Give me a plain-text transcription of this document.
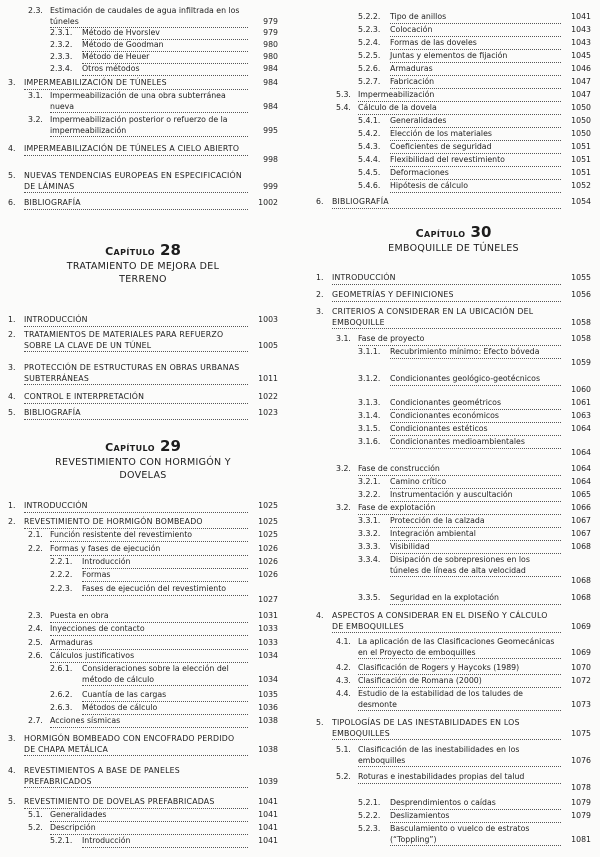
2.3. Estimación de caudales de agua infiltrada en los túneles	979
2.3.1. Método de Hvorslev	979
2.3.2. Método de Goodman	980
2.3.3. Método de Heuer	980
2.3.4. Otros métodos	984
3. IMPERMEABILIZACIÓN DE TÚNELES	984
3.1. Impermeabilización de una obra subterránea nueva	984
3.2. Impermeabilización posterior o refuerzo de la impermeabilización	995
4. IMPERMEABILIZACIÓN DE TÚNELES A CIELO ABIERTO
998
5. NUEVAS TENDENCIAS EUROPEAS EN ESPECIFICACIÓN DE LÁMINAS	999
6. BIBLIOGRAFÍA	1002
1. INTRODUCCIÓN	1003
2. TRATAMIENTOS DE MATERIALES PARA REFUERZO SOBRE LA CLAVE DE UN TÚNEL	1005
3. PROTECCIÓN DE ESTRUCTURAS EN OBRAS URBANAS SUBTERRÁNEAS	1011
4. CONTROL E INTERPRETACIÓN	1022
5. BIBLIOGRAFÍA	1023
1. INTRODUCCIÓN	1025
2. REVESTIMIENTO DE HORMIGÓN BOMBEADO	1025
2.1. Función resistente del revestimiento	1025
2.2. Formas y fases de ejecución	1026
2.2.1. Introducción	1026
2.2.2. Formas	1026
2.2.3. Fases de ejecución del revestimiento
1027
2.3. Puesta en obra	1031
2.4. Inyecciones de contacto	1033
2.5. Armaduras	1033
2.6. Cálculos justificativos	1034
2.6.1. Consideraciones sobre la elección del método de cálculo	1034
2.6.2. Cuantía de las cargas	1035
2.6.3. Métodos de cálculo	1036
2.7. Acciones sísmicas	1038
3. HORMIGÓN BOMBEADO CON ENCOFRADO PERDIDO DE CHAPA METÁLICA	1038
4. REVESTIMIENTOS A BASE DE PANELES PREFABRICADOS	1039
5. REVESTIMIENTO DE DOVELAS PREFABRICADAS	1041
5.1. Generalidades	1041
5.2. Descripción	1041
5.2.1. Introducción	1041
5.2.2. Tipo de anillos	1041
5.2.3. Colocación	1043
5.2.4. Formas de las doveles	1043
5.2.5. Juntas y elementos de fijación	1045
5.2.6. Armaduras	1046
5.2.7. Fabricación	1047
5.3. Impermeabilización	1047
5.4. Cálculo de la dovela	1050
5.4.1. Generalidades	1050
5.4.2. Elección de los materiales	1050
5.4.3. Coeficientes de seguridad	1051
5.4.4. Flexibilidad del revestimiento	1051
5.4.5. Deformaciones	1051
5.4.6. Hipótesis de cálculo	1052
6. BIBLIOGRAFÍA	1054
1. INTRODUCCIÓN	1055
2. GEOMETRÍAS Y DEFINICIONES	1056
3. CRITERIOS A CONSIDERAR EN LA UBICACIÓN DEL EMBOQUILLE	1058
3.1. Fase de proyecto	1058
3.1.1. Recubrimiento mínimo: Efecto bóveda
1059
3.1.2. Condicionantes geológico-geotécnicos
1060
3.1.3. Condicionantes geométricos	1061
3.1.4. Condicionantes económicos	1063
3.1.5. Condicionantes estéticos	1064
3.1.6. Condicionantes medioambientales
1064
3.2. Fase de construcción	1064
3.2.1. Camino crítico	1064
3.2.2. Instrumentación y auscultación	1065
3.2. Fase de explotación	1066
3.3.1. Protección de la calzada	1067
3.3.2. Integración ambiental	1067
3.3.3. Visibilidad	1068
3.3.4. Disipación de sobrepresiones en los túneles de líneas de alta velocidad
1068
3.3.5. Seguridad en la explotación	1068
4. ASPECTOS A CONSIDERAR EN EL DISEÑO Y CÁLCULO DE EMBOQUILLES	1069
4.1. La aplicación de las Clasificaciones Geomecánicas en el Proyecto de emboquilles	1069
4.2. Clasificación de Rogers y Haycoks (1989)	1070
4.3. Clasificación de Romana (2000)	1072
4.4. Estudio de la estabilidad de los taludes de desmonte	1073
5. TIPOLOGÍAS DE LAS INESTABILIDADES EN LOS EMBOQUILLES	1075
5.1. Clasificación de las inestabilidades en los emboquilles	1076
5.2. Roturas e inestabilidades propias del talud
1078
5.2.1. Desprendimientos o caídas	1079
5.2.2. Deslizamientos	1079
5.2.3. Basculamiento o vuelco de estratos (“Toppling”)	1081
Capítulo 28
TRATAMIENTO DE MEJORA DEL TERRENO
Capítulo 29
REVESTIMIENTO CON HORMIGÓN Y DOVELAS
Capítulo 30
EMBOQUILLE DE TÚNELES
